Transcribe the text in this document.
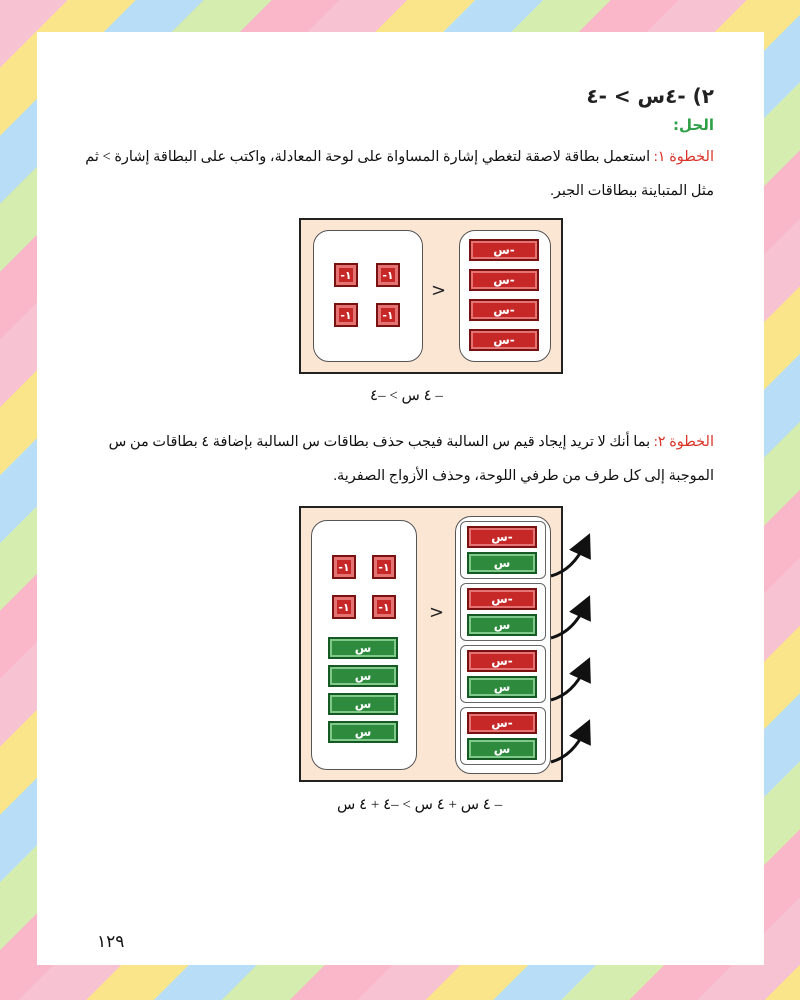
٢) -٤س > -٤
الحل:
الخطوة ١: استعمل بطاقة لاصقة لتغطي إشارة المساواة على لوحة المعادلة، واكتب على البطاقة إشارة > ثم مثل المتباينة ببطاقات الجبر.
-١	-١
-١	-١
>
-س
-س
-س
-س
– ٤ س > –٤
الخطوة ٢: بما أنك لا تريد إيجاد قيم س السالبة فيجب حذف بطاقات س السالبة بإضافة ٤ بطاقات من س الموجبة إلى كل طرف من طرفي اللوحة، وحذف الأزواج الصفرية.
-١	-١
-١	-١
س
س
س
س
>
-س
س
-س
س
-س
س
-س
س
– ٤ س + ٤ س > –٤ + ٤ س
١٢٩
